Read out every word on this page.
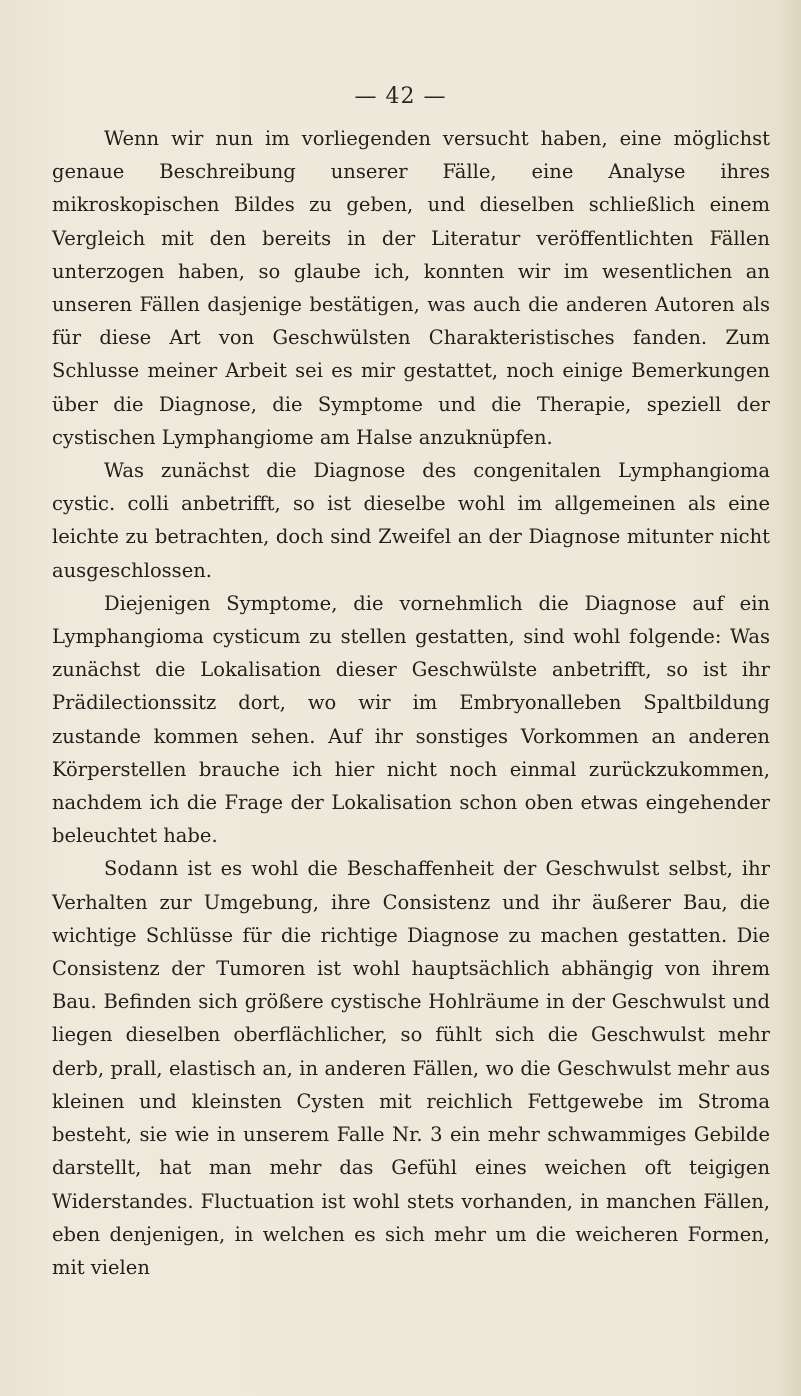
— 42 —

Wenn wir nun im vorliegenden versucht haben, eine möglichst genaue Beschreibung unserer Fälle, eine Analyse ihres mikroskopischen Bildes zu geben, und dieselben schließlich einem Vergleich mit den bereits in der Literatur veröffentlichten Fällen unterzogen haben, so glaube ich, konnten wir im wesentlichen an unseren Fällen dasjenige bestätigen, was auch die anderen Autoren als für diese Art von Geschwülsten Charakteristisches fanden. Zum Schlusse meiner Arbeit sei es mir gestattet, noch einige Bemerkungen über die Diagnose, die Symptome und die Therapie, speziell der cystischen Lymphangiome am Halse anzuknüpfen.

Was zunächst die Diagnose des congenitalen Lymphangioma cystic. colli anbetrifft, so ist dieselbe wohl im allgemeinen als eine leichte zu betrachten, doch sind Zweifel an der Diagnose mitunter nicht ausgeschlossen.

Diejenigen Symptome, die vornehmlich die Diagnose auf ein Lymphangioma cysticum zu stellen gestatten, sind wohl folgende: Was zunächst die Lokalisation dieser Geschwülste anbetrifft, so ist ihr Prädilectionssitz dort, wo wir im Embryonalleben Spaltbildung zustande kommen sehen. Auf ihr sonstiges Vorkommen an anderen Körperstellen brauche ich hier nicht noch einmal zurückzukommen, nachdem ich die Frage der Lokalisation schon oben etwas eingehender beleuchtet habe.

Sodann ist es wohl die Beschaffenheit der Geschwulst selbst, ihr Verhalten zur Umgebung, ihre Consistenz und ihr äußerer Bau, die wichtige Schlüsse für die richtige Diagnose zu machen gestatten. Die Consistenz der Tumoren ist wohl hauptsächlich abhängig von ihrem Bau. Befinden sich größere cystische Hohlräume in der Geschwulst und liegen dieselben oberflächlicher, so fühlt sich die Geschwulst mehr derb, prall, elastisch an, in anderen Fällen, wo die Geschwulst mehr aus kleinen und kleinsten Cysten mit reichlich Fettgewebe im Stroma besteht, sie wie in unserem Falle Nr. 3 ein mehr schwammiges Gebilde darstellt, hat man mehr das Gefühl eines weichen oft teigigen Widerstandes. Fluctuation ist wohl stets vorhanden, in manchen Fällen, eben denjenigen, in welchen es sich mehr um die weicheren Formen, mit vielen
